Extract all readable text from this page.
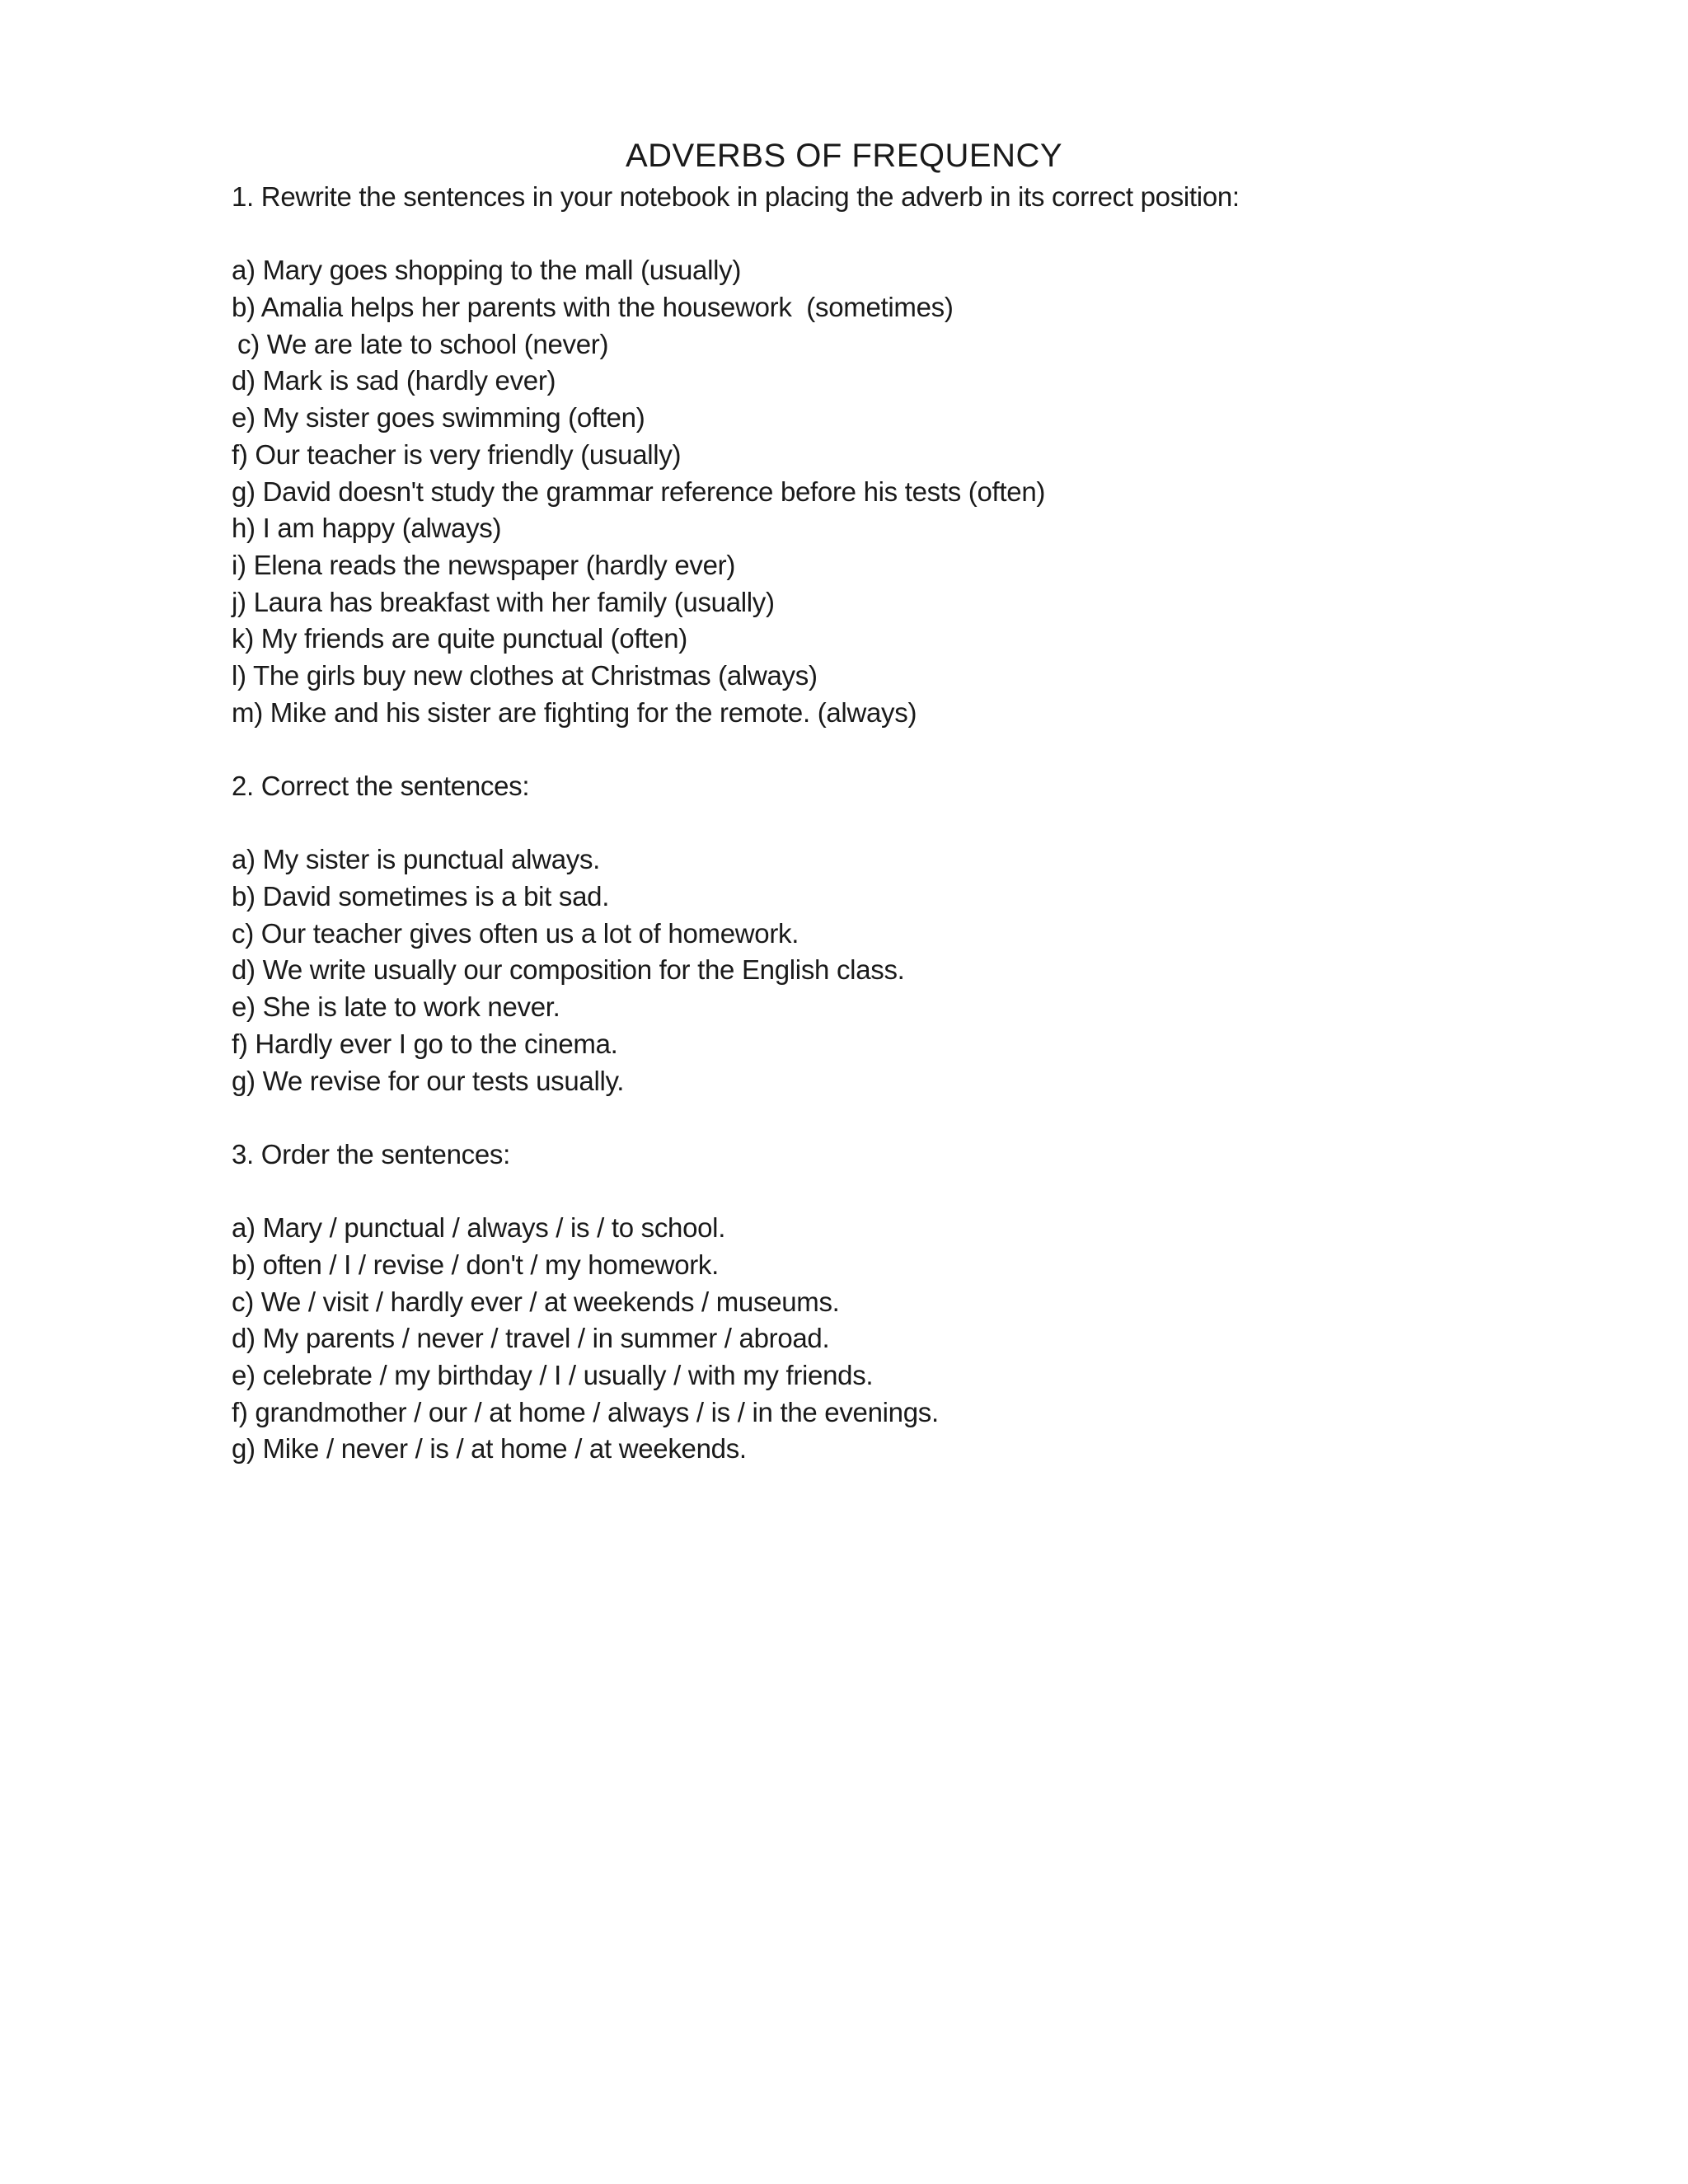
ADVERBS OF FREQUENCY
1. Rewrite the sentences in your notebook in placing the adverb in its correct position:
a) Mary goes shopping to the mall (usually)
b) Amalia helps her parents with the housework  (sometimes)
c) We are late to school (never)
d) Mark is sad (hardly ever)
e) My sister goes swimming (often)
f) Our teacher is very friendly (usually)
g) David doesn't study the grammar reference before his tests (often)
h) I am happy (always)
i) Elena reads the newspaper (hardly ever)
j) Laura has breakfast with her family (usually)
k) My friends are quite punctual (often)
l) The girls buy new clothes at Christmas (always)
m) Mike and his sister are fighting for the remote. (always)
2. Correct the sentences:
a) My sister is punctual always.
b) David sometimes is a bit sad.
c) Our teacher gives often us a lot of homework.
d) We write usually our composition for the English class.
e) She is late to work never.
f) Hardly ever I go to the cinema.
g) We revise for our tests usually.
3. Order the sentences:
a) Mary / punctual / always / is / to school.
b) often / I / revise / don't / my homework.
c) We / visit / hardly ever / at weekends / museums.
d) My parents / never / travel / in summer / abroad.
e) celebrate / my birthday / I / usually / with my friends.
f) grandmother / our / at home / always / is / in the evenings.
g) Mike / never / is / at home / at weekends.
